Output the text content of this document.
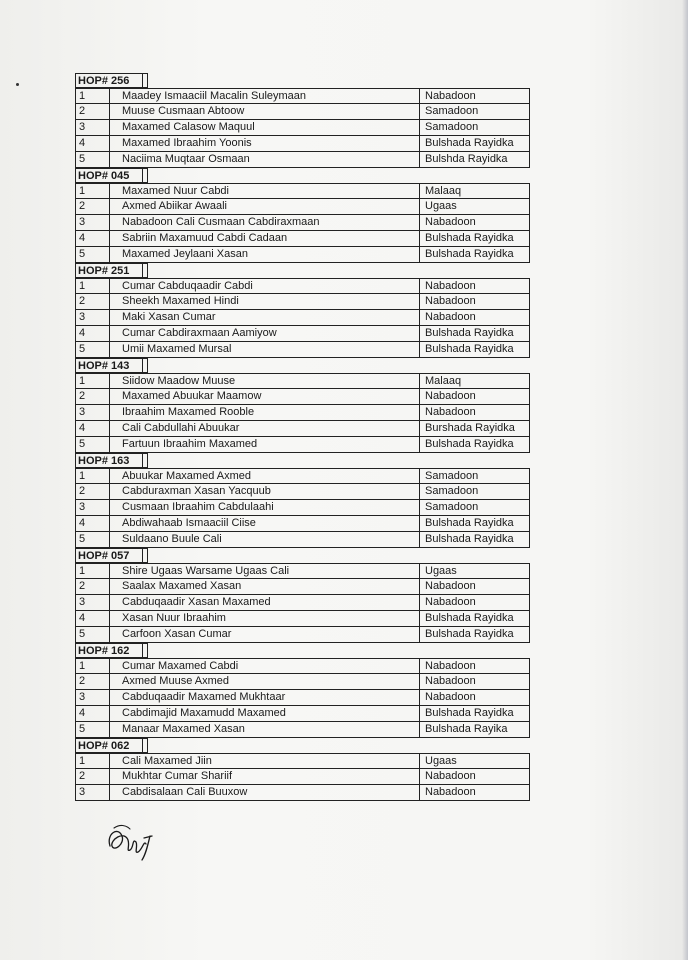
HOP# 256
1	Maadey Ismaaciil Macalin Suleymaan	Nabadoon
2	Muuse Cusmaan Abtoow	Samadoon
3	Maxamed Calasow Maquul	Samadoon
4	Maxamed Ibraahim Yoonis	Bulshada Rayidka
5	Naciima Muqtaar Osmaan	Bulshda Rayidka
HOP# 045
1	Maxamed Nuur Cabdi	Malaaq
2	Axmed Abiikar Awaali	Ugaas
3	Nabadoon Cali Cusmaan Cabdiraxmaan	Nabadoon
4	Sabriin Maxamuud Cabdi Cadaan	Bulshada Rayidka
5	Maxamed Jeylaani Xasan	Bulshada Rayidka
HOP# 251
1	Cumar Cabduqaadir Cabdi	Nabadoon
2	Sheekh Maxamed Hindi	Nabadoon
3	Maki Xasan Cumar	Nabadoon
4	Cumar Cabdiraxmaan Aamiyow	Bulshada Rayidka
5	Umii Maxamed Mursal	Bulshada Rayidka
HOP# 143
1	Siidow Maadow Muuse	Malaaq
2	Maxamed Abuukar Maamow	Nabadoon
3	Ibraahim Maxamed Rooble	Nabadoon
4	Cali Cabdullahi Abuukar	Burshada Rayidka
5	Fartuun Ibraahim Maxamed	Bulshada Rayidka
HOP# 163
1	Abuukar Maxamed Axmed	Samadoon
2	Cabduraxman Xasan Yacquub	Samadoon
3	Cusmaan Ibraahim Cabdulaahi	Samadoon
4	Abdiwahaab Ismaaciil Ciise	Bulshada Rayidka
5	Suldaano Buule Cali	Bulshada Rayidka
HOP# 057
1	Shire Ugaas Warsame Ugaas Cali	Ugaas
2	Saalax Maxamed Xasan	Nabadoon
3	Cabduqaadir Xasan Maxamed	Nabadoon
4	Xasan Nuur Ibraahim	Bulshada Rayidka
5	Carfoon Xasan Cumar	Bulshada Rayidka
HOP# 162
1	Cumar Maxamed Cabdi	Nabadoon
2	Axmed Muuse Axmed	Nabadoon
3	Cabduqaadir Maxamed Mukhtaar	Nabadoon
4	Cabdimajid Maxamudd Maxamed	Bulshada Rayidka
5	Manaar Maxamed Xasan	Bulshada Rayika
HOP# 062
1	Cali Maxamed Jiin	Ugaas
2	Mukhtar Cumar Shariif	Nabadoon
3	Cabdisalaan Cali Buuxow	Nabadoon
